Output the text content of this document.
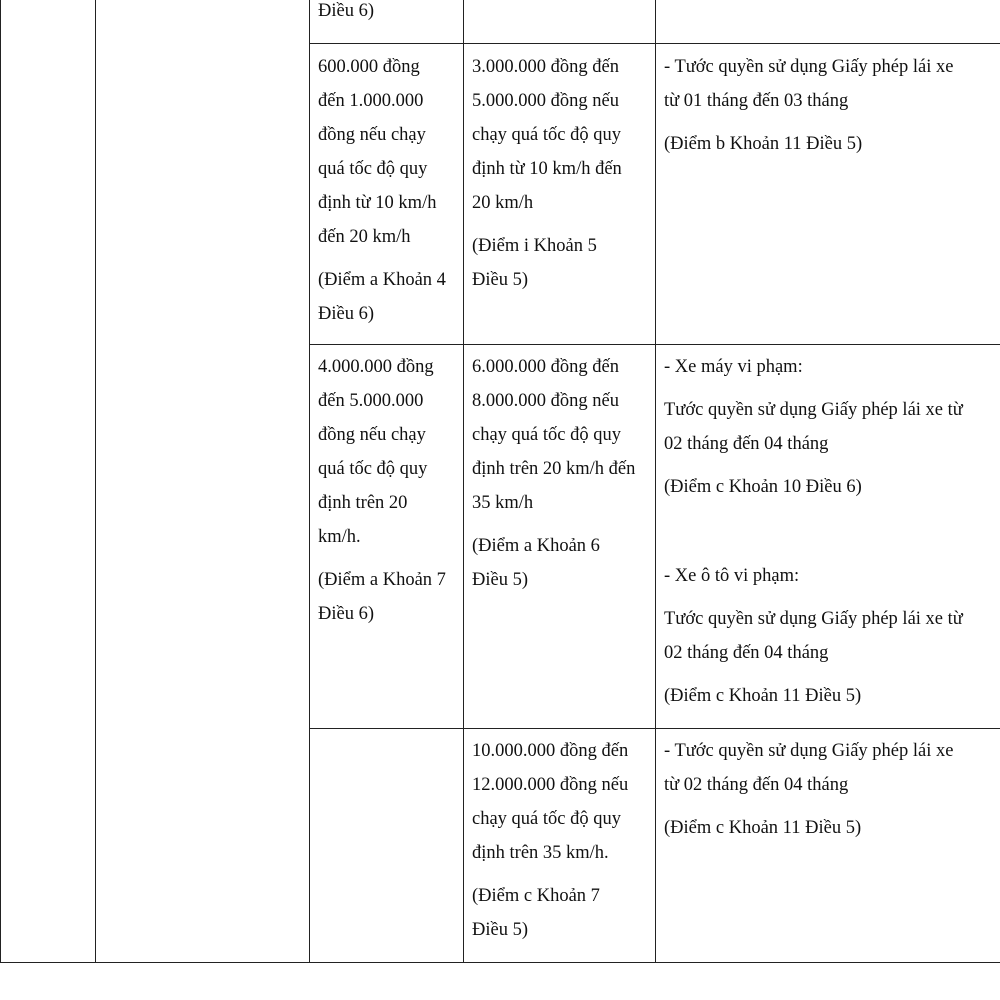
Điều 6)

600.000 đồng

đến 1.000.000

đồng nếu chạy

quá tốc độ quy

định từ 10 km/h

đến 20 km/h

(Điểm a Khoản 4

Điều 6)

3.000.000 đồng đến

5.000.000 đồng nếu

chạy quá tốc độ quy

định từ 10 km/h đến

20 km/h

(Điểm i Khoản 5

Điều 5)

- Tước quyền sử dụng Giấy phép lái xe

từ 01 tháng đến 03 tháng

(Điểm b Khoản 11 Điều 5)

4.000.000 đồng

đến 5.000.000

đồng nếu chạy

quá tốc độ quy

định trên 20

km/h.

(Điểm a Khoản 7

Điều 6)

6.000.000 đồng đến

8.000.000 đồng nếu

chạy quá tốc độ quy

định trên 20 km/h đến

35 km/h

(Điểm a Khoản 6

Điều 5)

- Xe máy vi phạm:

Tước quyền sử dụng Giấy phép lái xe từ

02 tháng đến 04 tháng

(Điểm c Khoản 10 Điều 6)

- Xe ô tô vi phạm:

Tước quyền sử dụng Giấy phép lái xe từ

02 tháng đến 04 tháng

(Điểm c Khoản 11 Điều 5)

10.000.000 đồng đến

12.000.000 đồng nếu

chạy quá tốc độ quy

định trên 35 km/h.

(Điểm c Khoản 7

Điều 5)

- Tước quyền sử dụng Giấy phép lái xe

từ 02 tháng đến 04 tháng

(Điểm c Khoản 11 Điều 5)
